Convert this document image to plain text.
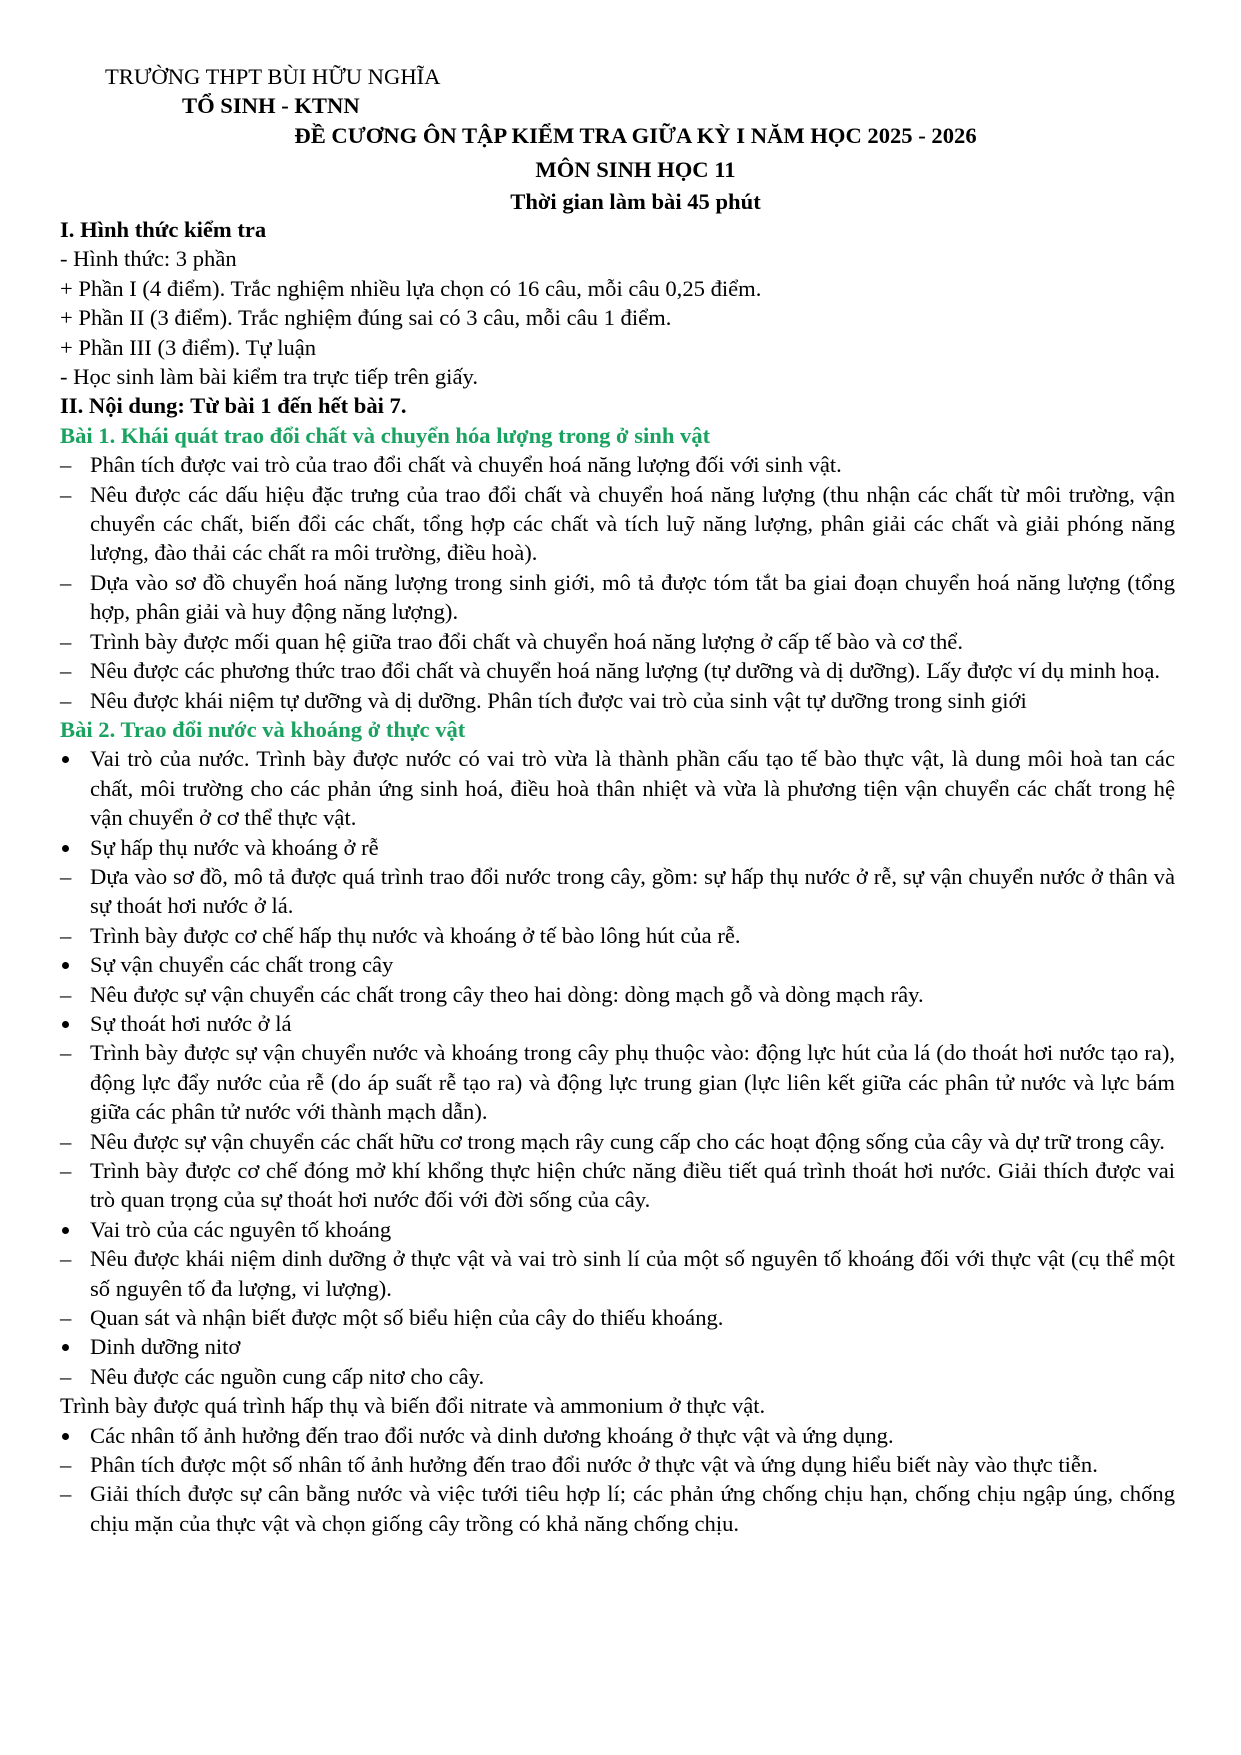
TRƯỜNG THPT BÙI HỮU NGHĨA
TỔ SINH - KTNN
ĐỀ CƯƠNG ÔN TẬP KIỂM TRA GIỮA KỲ I NĂM HỌC 2025 - 2026
MÔN SINH HỌC 11
Thời gian làm bài 45 phút
I. Hình thức kiểm tra
- Hình thức: 3 phần
+ Phần I (4 điểm). Trắc nghiệm nhiều lựa chọn có 16 câu, mỗi câu 0,25 điểm.
+ Phần II (3 điểm). Trắc nghiệm đúng sai có 3 câu, mỗi câu 1 điểm.
+ Phần III (3 điểm). Tự luận
- Học sinh làm bài kiểm tra trực tiếp trên giấy.
II. Nội dung: Từ bài 1 đến hết bài 7.
Bài 1. Khái quát trao đổi chất và chuyển hóa lượng trong ở sinh vật
– Phân tích được vai trò của trao đổi chất và chuyển hoá năng lượng đối với sinh vật.
– Nêu được các dấu hiệu đặc trưng của trao đổi chất và chuyển hoá năng lượng (thu nhận các chất từ môi trường, vận chuyển các chất, biến đổi các chất, tổng hợp các chất và tích luỹ năng lượng, phân giải các chất và giải phóng năng lượng, đào thải các chất ra môi trường, điều hoà).
– Dựa vào sơ đồ chuyển hoá năng lượng trong sinh giới, mô tả được tóm tắt ba giai đoạn chuyển hoá năng lượng (tổng hợp, phân giải và huy động năng lượng).
– Trình bày được mối quan hệ giữa trao đổi chất và chuyển hoá năng lượng ở cấp tế bào và cơ thể.
– Nêu được các phương thức trao đổi chất và chuyển hoá năng lượng (tự dưỡng và dị dưỡng). Lấy được ví dụ minh hoạ.
– Nêu được khái niệm tự dưỡng và dị dưỡng. Phân tích được vai trò của sinh vật tự dưỡng trong sinh giới
Bài 2. Trao đổi nước và khoáng ở thực vật
Vai trò của nước. Trình bày được nước có vai trò vừa là thành phần cấu tạo tế bào thực vật, là dung môi hoà tan các chất, môi trường cho các phản ứng sinh hoá, điều hoà thân nhiệt và vừa là phương tiện vận chuyển các chất trong hệ vận chuyển ở cơ thể thực vật.
Sự hấp thụ nước và khoáng ở rễ
– Dựa vào sơ đồ, mô tả được quá trình trao đổi nước trong cây, gồm: sự hấp thụ nước ở rễ, sự vận chuyển nước ở thân và sự thoát hơi nước ở lá.
– Trình bày được cơ chế hấp thụ nước và khoáng ở tế bào lông hút của rễ.
Sự vận chuyển các chất trong cây
– Nêu được sự vận chuyển các chất trong cây theo hai dòng: dòng mạch gỗ và dòng mạch rây.
Sự thoát hơi nước ở lá
– Trình bày được sự vận chuyển nước và khoáng trong cây phụ thuộc vào: động lực hút của lá (do thoát hơi nước tạo ra), động lực đẩy nước của rễ (do áp suất rễ tạo ra) và động lực trung gian (lực liên kết giữa các phân tử nước và lực bám giữa các phân tử nước với thành mạch dẫn).
– Nêu được sự vận chuyển các chất hữu cơ trong mạch rây cung cấp cho các hoạt động sống của cây và dự trữ trong cây.
– Trình bày được cơ chế đóng mở khí khổng thực hiện chức năng điều tiết quá trình thoát hơi nước. Giải thích được vai trò quan trọng của sự thoát hơi nước đối với đời sống của cây.
Vai trò của các nguyên tố khoáng
– Nêu được khái niệm dinh dưỡng ở thực vật và vai trò sinh lí của một số nguyên tố khoáng đối với thực vật (cụ thể một số nguyên tố đa lượng, vi lượng).
– Quan sát và nhận biết được một số biểu hiện của cây do thiếu khoáng.
Dinh dưỡng nitơ
– Nêu được các nguồn cung cấp nitơ cho cây.
Trình bày được quá trình hấp thụ và biến đổi nitrate và ammonium ở thực vật.
Các nhân tố ảnh hưởng đến trao đổi nước và dinh dương khoáng ở thực vật và ứng dụng.
– Phân tích được một số nhân tố ảnh hưởng đến trao đổi nước ở thực vật và ứng dụng hiểu biết này vào thực tiễn.
– Giải thích được sự cân bằng nước và việc tưới tiêu hợp lí; các phản ứng chống chịu hạn, chống chịu ngập úng, chống chịu mặn của thực vật và chọn giống cây trồng có khả năng chống chịu.
